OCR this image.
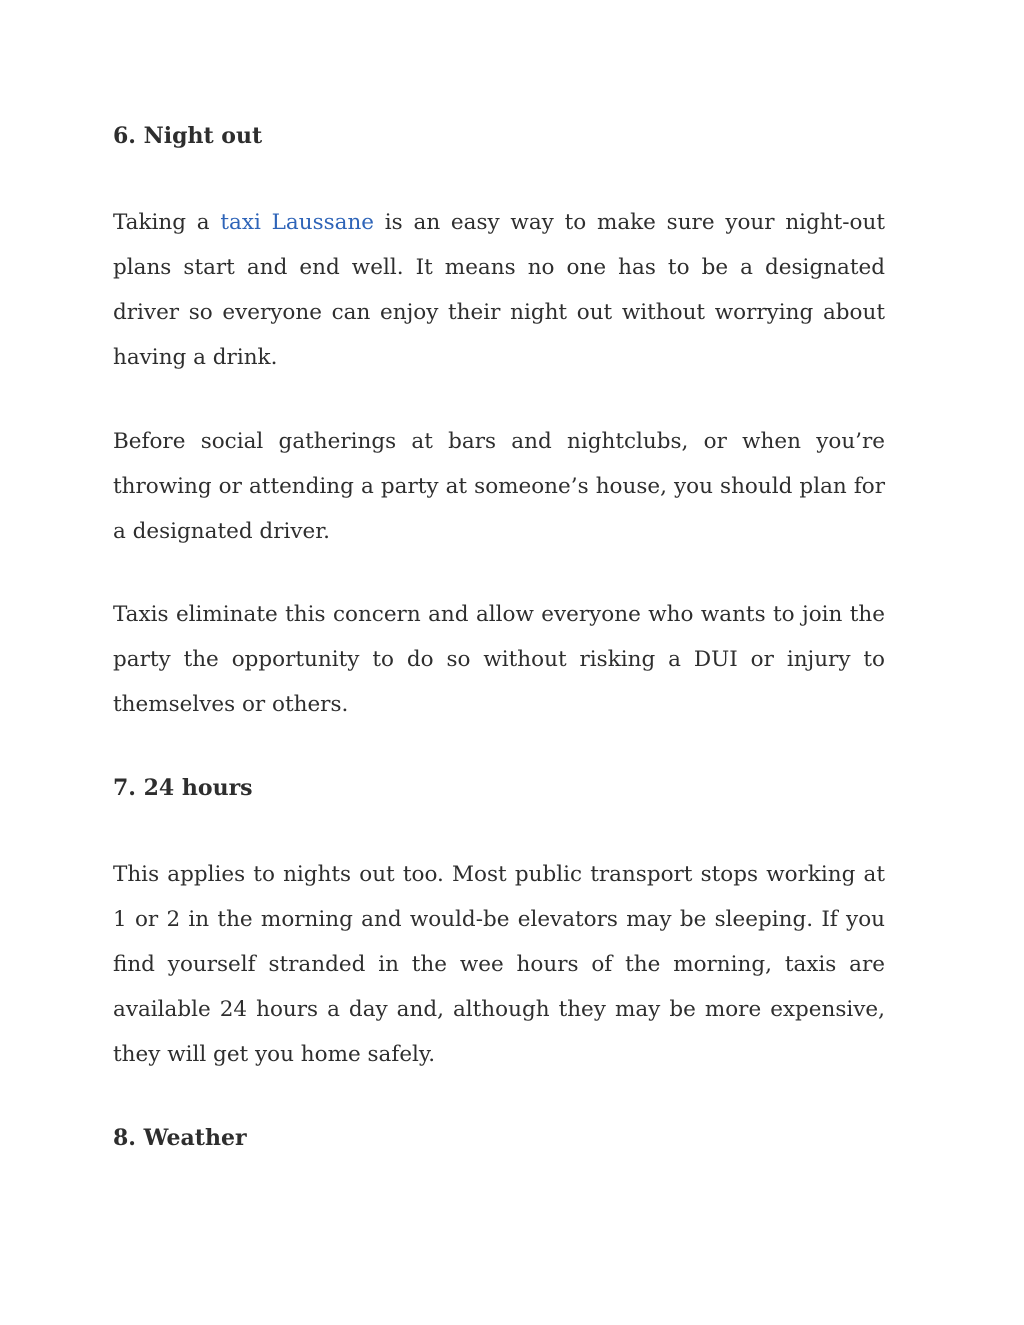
6. Night out

Taking a taxi Laussane is an easy way to make sure your night-out plans start and end well. It means no one has to be a designated driver so everyone can enjoy their night out without worrying about having a drink.

Before social gatherings at bars and nightclubs, or when you’re throwing or attending a party at someone’s house, you should plan for a designated driver.

Taxis eliminate this concern and allow everyone who wants to join the party the opportunity to do so without risking a DUI or injury to themselves or others.

7. 24 hours

This applies to nights out too. Most public transport stops working at 1 or 2 in the morning and would-be elevators may be sleeping. If you find yourself stranded in the wee hours of the morning, taxis are available 24 hours a day and, although they may be more expensive, they will get you home safely.

8. Weather
